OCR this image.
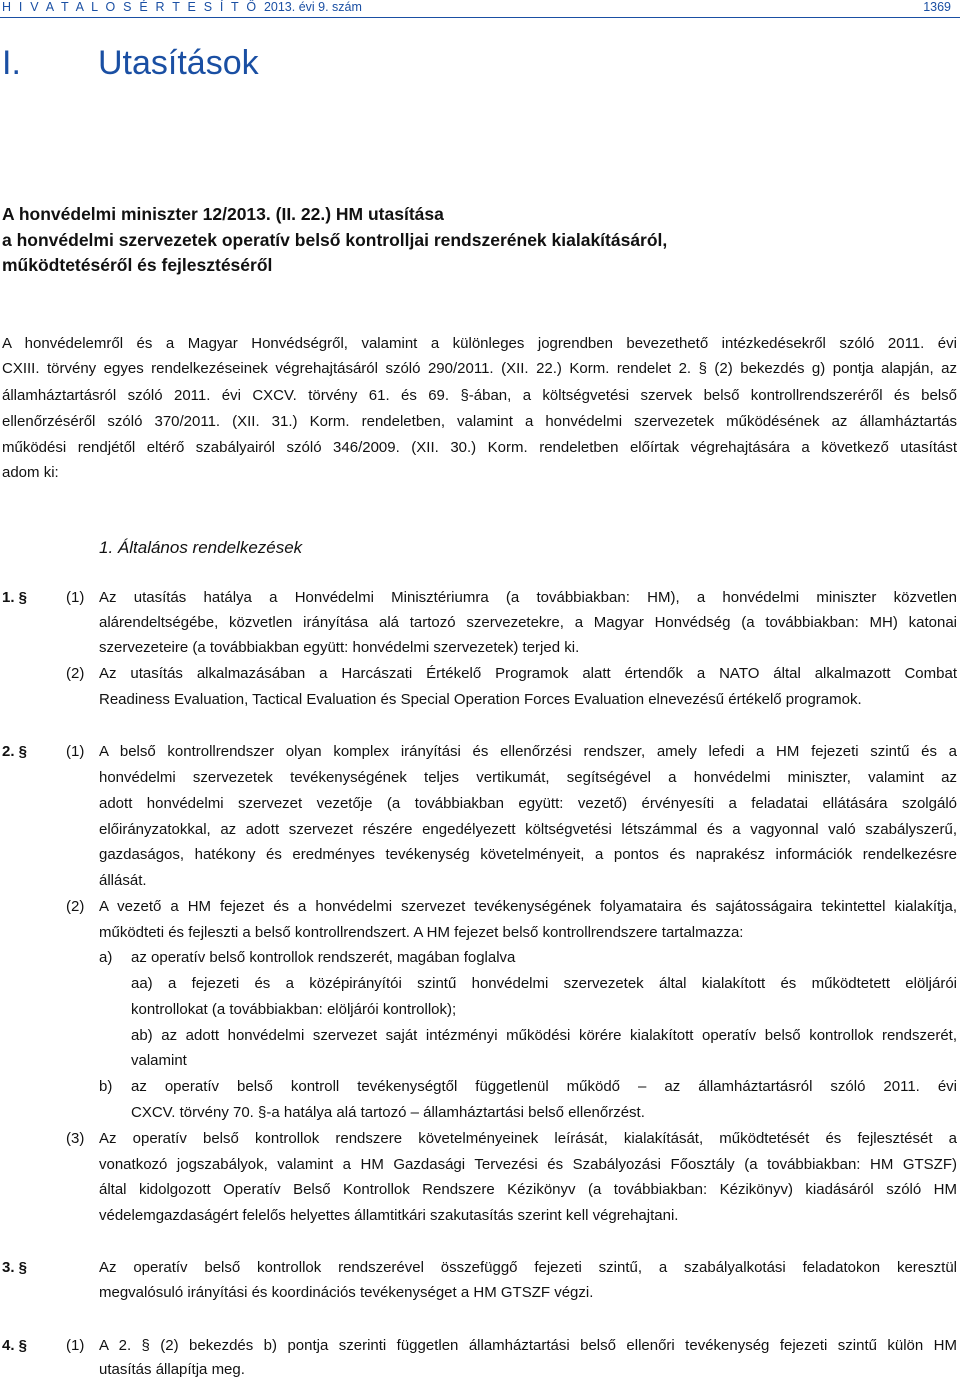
H I V A T A L O S É R T E S Í T Ő 2013. évi 9. szám	1369
I. Utasítások
A honvédelmi miniszter 12/2013. (II. 22.) HM utasítása
a honvédelmi szervezetek operatív belső kontrolljai rendszerének kialakításáról,
működtetéséről és fejlesztéséről
A honvédelemről és a Magyar Honvédségről, valamint a különleges jogrendben bevezethető intézkedésekről szóló 2011. évi
CXIII. törvény egyes rendelkezéseinek végrehajtásáról szóló 290/2011. (XII. 22.) Korm. rendelet 2. § (2) bekezdés g) pontja alapján, az
államháztartásról szóló 2011. évi CXCV. törvény 61. és 69. §-ában, a költségvetési szervek belső kontrollrendszeréről és belső
ellenőrzéséről szóló 370/2011. (XII. 31.) Korm. rendeletben, valamint a honvédelmi szervezetek működésének az államháztartás
működési rendjétől eltérő szabályairól szóló 346/2009. (XII. 30.) Korm. rendeletben előírtak végrehajtására a következő utasítást
adom ki:
1. Általános rendelkezések
1. §	(1) Az utasítás hatálya a Honvédelmi Minisztériumra (a továbbiakban: HM), a honvédelmi miniszter közvetlen
alárendeltségébe, közvetlen irányítása alá tartozó szervezetekre, a Magyar Honvédség (a továbbiakban: MH) katonai
szervezeteire (a továbbiakban együtt: honvédelmi szervezetek) terjed ki.
(2) Az utasítás alkalmazásában a Harcászati Értékelő Programok alatt értendők a NATO által alkalmazott Combat
Readiness Evaluation, Tactical Evaluation és Special Operation Forces Evaluation elnevezésű értékelő programok.
2. §	(1) A belső kontrollrendszer olyan komplex irányítási és ellenőrzési rendszer, amely lefedi a HM fejezeti szintű és a
honvédelmi szervezetek tevékenységének teljes vertikumát, segítségével a honvédelmi miniszter, valamint az
adott honvédelmi szervezet vezetője (a továbbiakban együtt: vezető) érvényesíti a feladatai ellátására szolgáló
előirányzatokkal, az adott szervezet részére engedélyezett költségvetési létszámmal és a vagyonnal való szabályszerű,
gazdaságos, hatékony és eredményes tevékenység követelményeit, a pontos és naprakész információk rendelkezésre
állását.
(2) A vezető a HM fejezet és a honvédelmi szervezet tevékenységének folyamataira és sajátosságaira tekintettel kialakítja,
működteti és fejleszti a belső kontrollrendszert. A HM fejezet belső kontrollrendszere tartalmazza:
a) az operatív belső kontrollok rendszerét, magában foglalva
aa) a fejezeti és a középirányítói szintű honvédelmi szervezetek által kialakított és működtetett elöljárói
kontrollokat (a továbbiakban: elöljárói kontrollok);
ab) az adott honvédelmi szervezet saját intézményi működési körére kialakított operatív belső kontrollok rendszerét,
valamint
b) az operatív belső kontroll tevékenységtől függetlenül működő – az államháztartásról szóló 2011. évi
CXCV. törvény 70. §-a hatálya alá tartozó – államháztartási belső ellenőrzést.
(3) Az operatív belső kontrollok rendszere követelményeinek leírását, kialakítását, működtetését és fejlesztését a
vonatkozó jogszabályok, valamint a HM Gazdasági Tervezési és Szabályozási Főosztály (a továbbiakban: HM GTSZF)
által kidolgozott Operatív Belső Kontrollok Rendszere Kézikönyv (a továbbiakban: Kézikönyv) kiadásáról szóló HM
védelemgazdaságért felelős helyettes államtitkári szakutasítás szerint kell végrehajtani.
3. §	Az operatív belső kontrollok rendszerével összefüggő fejezeti szintű, a szabályalkotási feladatokon keresztül
megvalósuló irányítási és koordinációs tevékenységet a HM GTSZF végzi.
4. §	(1) A 2. § (2) bekezdés b) pontja szerinti független államháztartási belső ellenőri tevékenység fejezeti szintű külön HM
utasítás állapítja meg.
